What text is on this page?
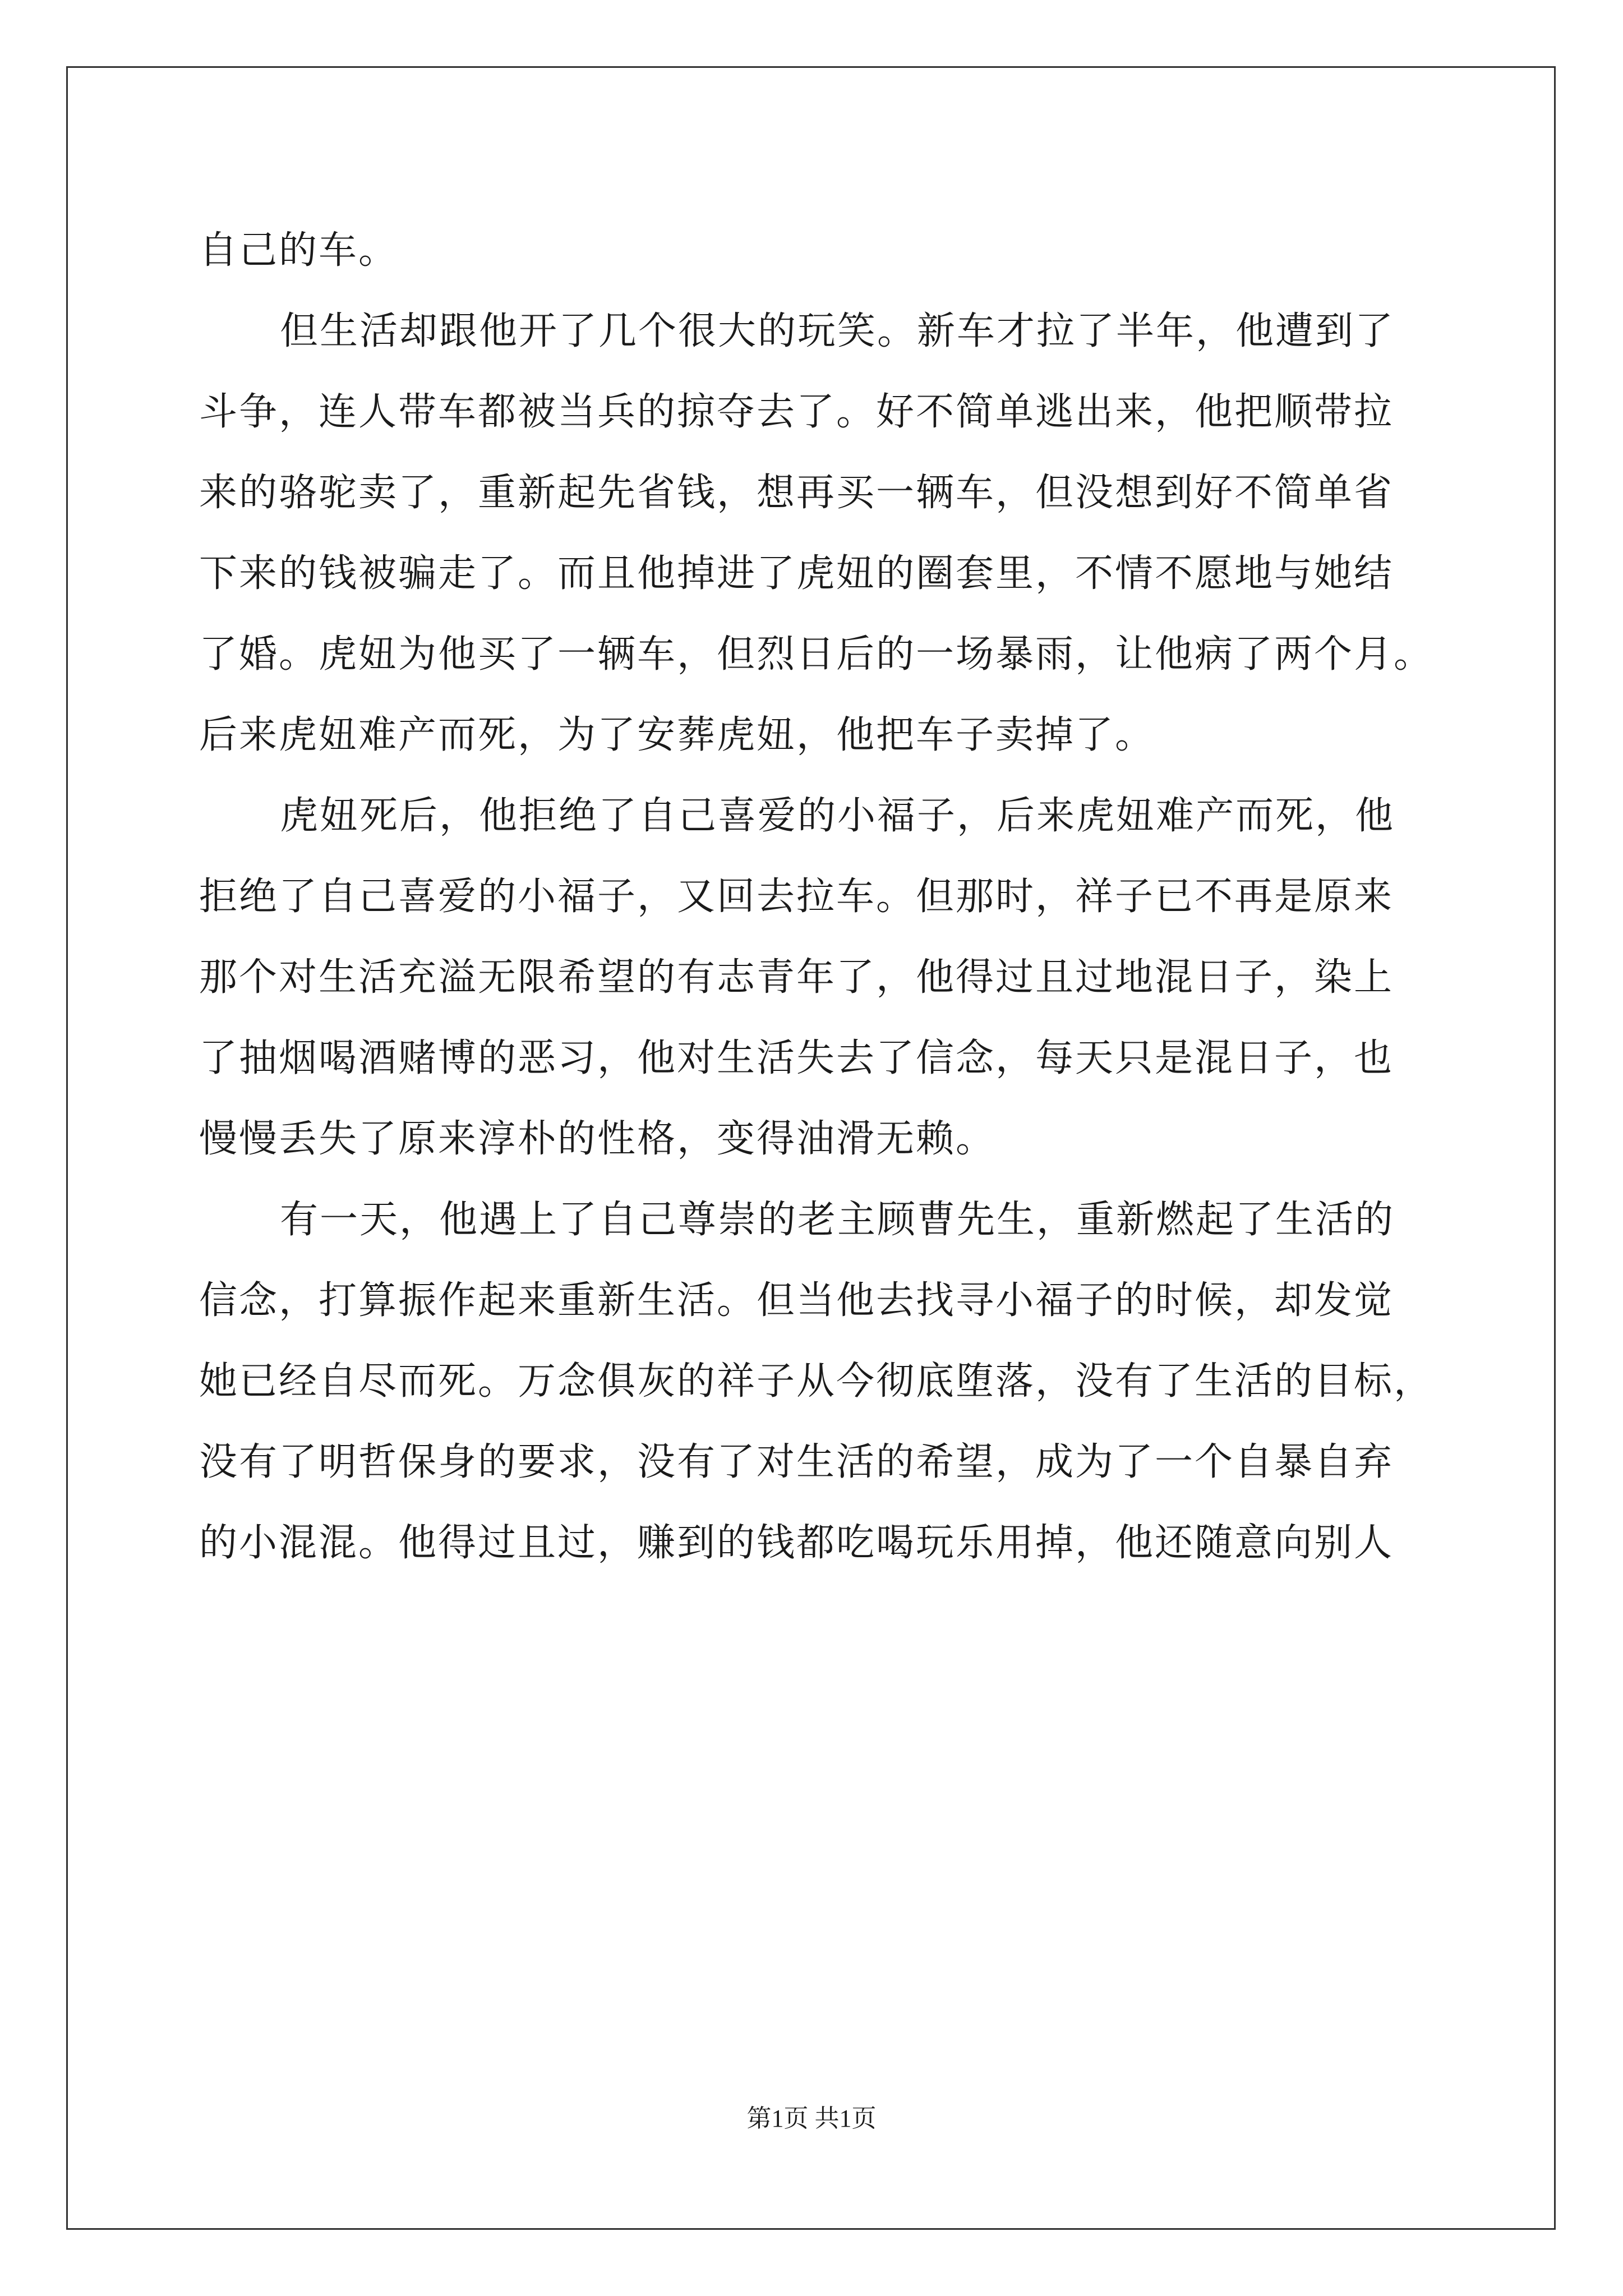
自己的车。
但生活却跟他开了几个很大的玩笑。新车才拉了半年，他遭到了
斗争，连人带车都被当兵的掠夺去了。好不简单逃出来，他把顺带拉
来的骆驼卖了，重新起先省钱，想再买一辆车，但没想到好不简单省
下来的钱被骗走了。而且他掉进了虎妞的圈套里，不情不愿地与她结
了婚。虎妞为他买了一辆车，但烈日后的一场暴雨，让他病了两个月。
后来虎妞难产而死，为了安葬虎妞，他把车子卖掉了。
虎妞死后，他拒绝了自己喜爱的小福子，后来虎妞难产而死，他
拒绝了自己喜爱的小福子，又回去拉车。但那时，祥子已不再是原来
那个对生活充溢无限希望的有志青年了，他得过且过地混日子，染上
了抽烟喝酒赌博的恶习，他对生活失去了信念，每天只是混日子，也
慢慢丢失了原来淳朴的性格，变得油滑无赖。
有一天，他遇上了自己尊崇的老主顾曹先生，重新燃起了生活的
信念，打算振作起来重新生活。但当他去找寻小福子的时候，却发觉
她已经自尽而死。万念俱灰的祥子从今彻底堕落，没有了生活的目标，
没有了明哲保身的要求，没有了对生活的希望，成为了一个自暴自弃
的小混混。他得过且过，赚到的钱都吃喝玩乐用掉，他还随意向别人
第1页 共1页
